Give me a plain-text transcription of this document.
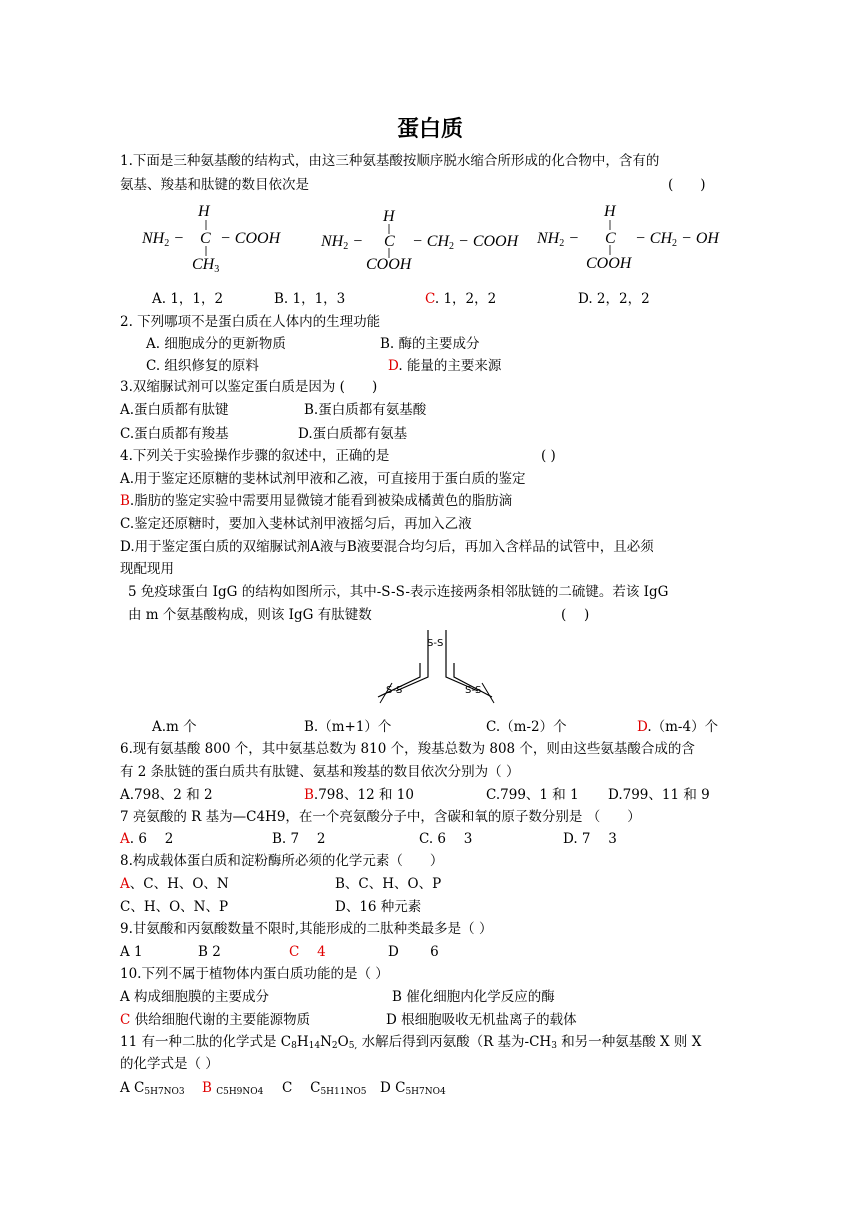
蛋白质
1.下面是三种氨基酸的结构式，由这三种氨基酸按顺序脱水缩合所形成的化合物中，含有的
氨基、羧基和肽键的数目依次是	(　　)
H
$NH_2 - C$ − COOH
$CH_3$
H
$NH_2 - C - CH_2$ − COOH
COOH
H
$NH_2 - C - CH_2$ − OH
COOH
A. 1，1，2	B. 1，1，3	C. 1，2，2	D. 2，2，2
2. 下列哪项不是蛋白质在人体内的生理功能
A. 细胞成分的更新物质	B. 酶的主要成分
C. 组织修复的原料	D. 能量的主要来源
3.双缩脲试剂可以鉴定蛋白质是因为 (　　)
A.蛋白质都有肽键	B.蛋白质都有氨基酸
C.蛋白质都有羧基	D.蛋白质都有氨基
4.下列关于实验操作步骤的叙述中，正确的是	( )
A.用于鉴定还原糖的斐林试剂甲液和乙液，可直接用于蛋白质的鉴定
B.脂肪的鉴定实验中需要用显微镜才能看到被染成橘黄色的脂肪滴
C.鉴定还原糖时，要加入斐林试剂甲液摇匀后，再加入乙液
D.用于鉴定蛋白质的双缩脲试剂A液与B液要混合均匀后，再加入含样品的试管中，且必须
现配现用
5 免疫球蛋白 IgG 的结构如图所示，其中-S-S-表示连接两条相邻肽链的二硫键。若该 IgG
由 m 个氨基酸构成，则该 IgG 有肽键数	(　 )
S-S
S-S	S-S
A.m 个	B.（m+1）个	C.（m-2）个	D.（m-4）个
6.现有氨基酸 800 个，其中氨基总数为 810 个，羧基总数为 808 个，则由这些氨基酸合成的含
有 2 条肽链的蛋白质共有肽键、氨基和羧基的数目依次分别为（ ）
A.798、2 和 2	B.798、12 和 10	C.799、1 和 1 D.799、11 和 9
7 亮氨酸的 R 基为—C4H9，在一个亮氨酸分子中，含碳和氧的原子数分别是 （　　）
A. 6　 2	B. 7　 2	C. 6　 3	D. 7　 3
8.构成载体蛋白质和淀粉酶所必须的化学元素（　　）
A、C、H、O、N	B、C、H、O、P
C、H、O、N、P	D、16 种元素
9.甘氨酸和丙氨酸数量不限时,其能形成的二肽种类最多是（ ）
A 1	B 2	C　 4	D　　 6
10.下列不属于植物体内蛋白质功能的是（ ）
A 构成细胞膜的主要成分	B 催化细胞内化学反应的酶
C 供给细胞代谢的主要能源物质	D 根细胞吸收无机盐离子的载体
11 有一种二肽的化学式是 C8H14N2O5, 水解后得到丙氨酸（R 基为-CH3 和另一种氨基酸 X 则 X
的化学式是（ ）
A C5H7NO3 B C5H9NO4 C　 C5H11NO5 D C5H7NO4
